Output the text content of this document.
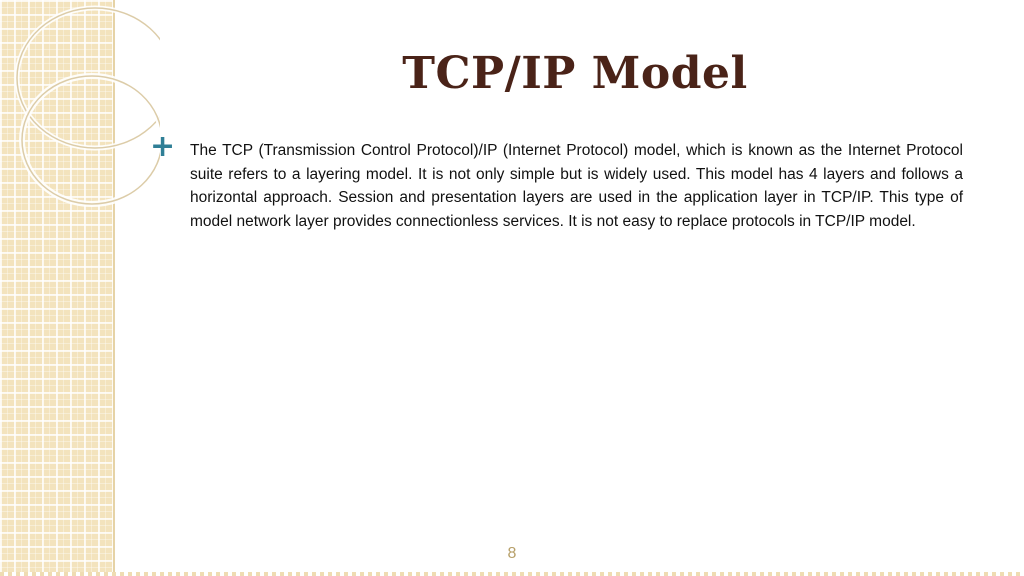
TCP/IP Model
+ The TCP (Transmission Control Protocol)/IP (Internet Protocol) model, which is known as the Internet Protocol suite refers to a layering model. It is not only simple but is widely used. This model has 4 layers and follows a horizontal approach. Session and presentation layers are used in the application layer in TCP/IP. This type of model network layer provides connectionless services. It is not easy to replace protocols in TCP/IP model.

8
